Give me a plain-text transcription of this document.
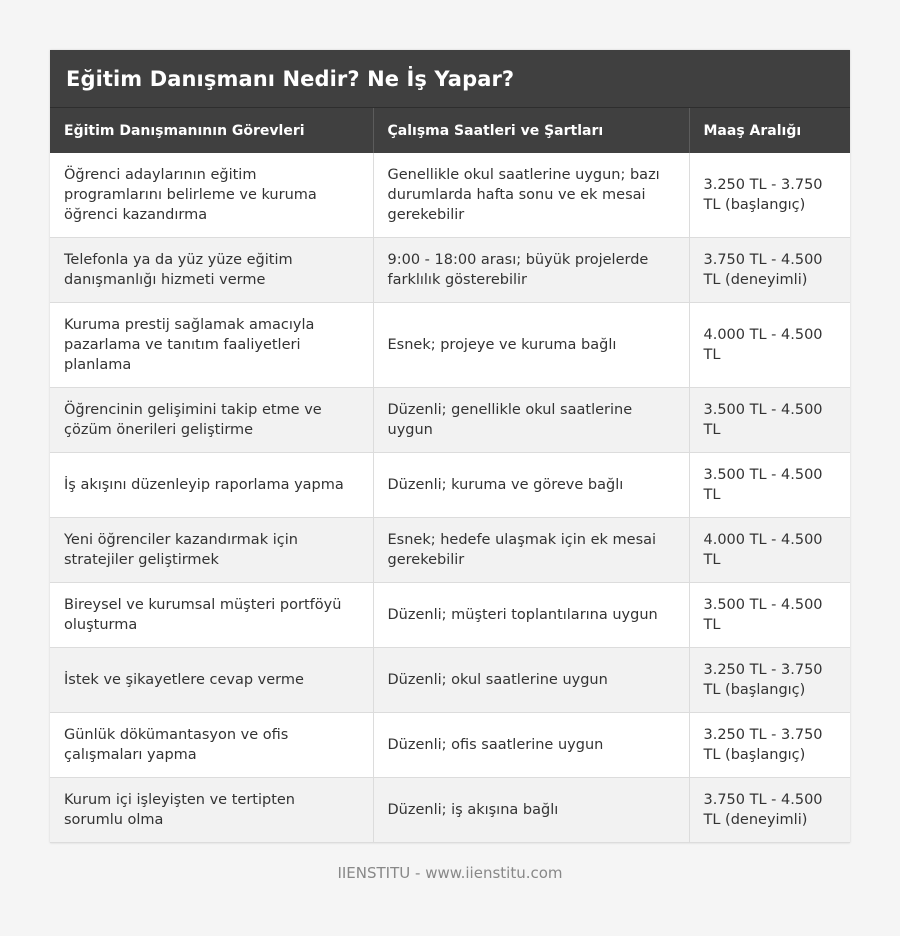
Eğitim Danışmanı Nedir? Ne İş Yapar?
Eğitim Danışmanının Görevleri	Çalışma Saatleri ve Şartları	Maaş Aralığı
Öğrenci adaylarının eğitim programlarını belirleme ve kuruma öğrenci kazandırma	Genellikle okul saatlerine uygun; bazı durumlarda hafta sonu ve ek mesai gerekebilir	3.250 TL - 3.750 TL (başlangıç)
Telefonla ya da yüz yüze eğitim danışmanlığı hizmeti verme	9:00 - 18:00 arası; büyük projelerde farklılık gösterebilir	3.750 TL - 4.500 TL (deneyimli)
Kuruma prestij sağlamak amacıyla pazarlama ve tanıtım faaliyetleri planlama	Esnek; projeye ve kuruma bağlı	4.000 TL - 4.500 TL
Öğrencinin gelişimini takip etme ve çözüm önerileri geliştirme	Düzenli; genellikle okul saatlerine uygun	3.500 TL - 4.500 TL
İş akışını düzenleyip raporlama yapma	Düzenli; kuruma ve göreve bağlı	3.500 TL - 4.500 TL
Yeni öğrenciler kazandırmak için stratejiler geliştirmek	Esnek; hedefe ulaşmak için ek mesai gerekebilir	4.000 TL - 4.500 TL
Bireysel ve kurumsal müşteri portföyü oluşturma	Düzenli; müşteri toplantılarına uygun	3.500 TL - 4.500 TL
İstek ve şikayetlere cevap verme	Düzenli; okul saatlerine uygun	3.250 TL - 3.750 TL (başlangıç)
Günlük dökümantasyon ve ofis çalışmaları yapma	Düzenli; ofis saatlerine uygun	3.250 TL - 3.750 TL (başlangıç)
Kurum içi işleyişten ve tertipten sorumlu olma	Düzenli; iş akışına bağlı	3.750 TL - 4.500 TL (deneyimli)
IIENSTITU - www.iienstitu.com
